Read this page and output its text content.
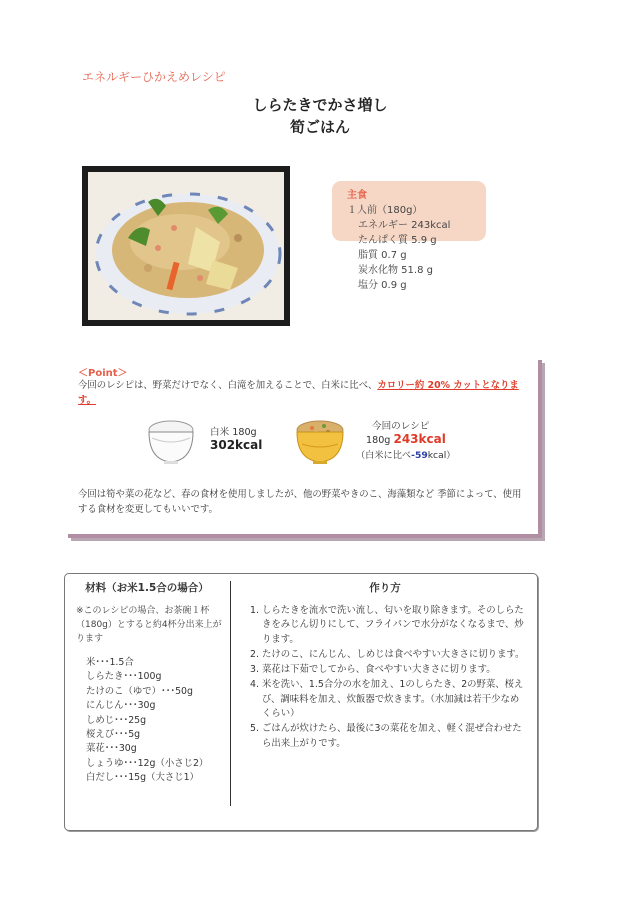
エネルギーひかえめレシピ
しらたきでかさ増し
筍ごはん
主食
１人前（180g）
エネルギー 243kcal
たんぱく質 5.9 g
脂質 0.7 g
炭水化物 51.8 g
塩分 0.9 g
＜Point＞
今回のレシピは、野菜だけでなく、白滝を加えることで、白米に比べ、カロリー約 20% カットとなります。
白米 180g
302kcal
今回のレシピ
180g 243kcal
（白米に比べ-59kcal）
今回は筍や菜の花など、春の食材を使用しましたが、他の野菜やきのこ、海藻類など 季節によって、使用する食材を変更してもいいです。
材料（お米1.5合の場合）
※このレシピの場合、お茶碗１杯（180g）とすると約4杯分出来上がります
米･･･1.5合
しらたき･･･100g
たけのこ（ゆで）･･･50g
にんじん･･･30g
しめじ･･･25g
桜えび･･･5g
菜花･･･30g
しょうゆ･･･12g（小さじ2）
白だし･･･15g（大さじ1）
作り方
1. しらたきを流水で洗い流し、匂いを取り除きます。そのしらたきをみじん切りにして、フライパンで水分がなくなるまで、炒ります。
2. たけのこ、にんじん、しめじは食べやすい大きさに切ります。
3. 菜花は下茹でしてから、食べやすい大きさに切ります。
4. 米を洗い、1.5合分の水を加え、1のしらたき、2の野菜、桜えび、調味料を加え、炊飯器で炊きます。（水加減は若干少なめくらい）
5. ごはんが炊けたら、最後に3の菜花を加え、軽く混ぜ合わせたら出来上がりです。
